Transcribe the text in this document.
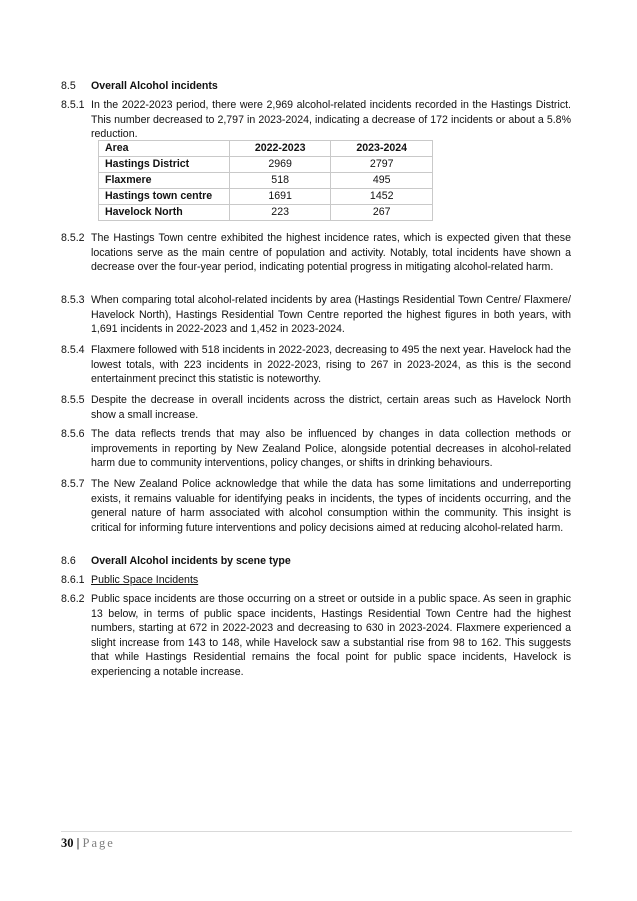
8.5	Overall Alcohol incidents
8.5.1 In the 2022-2023 period, there were 2,969 alcohol-related incidents recorded in the Hastings District. This number decreased to 2,797 in 2023-2024, indicating a decrease of 172 incidents or about a 5.8% reduction.
Area	2022-2023	2023-2024
Hastings District	2969	2797
Flaxmere	518	495
Hastings town centre	1691	1452
Havelock North	223	267
8.5.2 The Hastings Town centre exhibited the highest incidence rates, which is expected given that these locations serve as the main centre of population and activity. Notably, total incidents have shown a decrease over the four-year period, indicating potential progress in mitigating alcohol-related harm.
8.5.3 When comparing total alcohol-related incidents by area (Hastings Residential Town Centre/ Flaxmere/ Havelock North), Hastings Residential Town Centre reported the highest figures in both years, with 1,691 incidents in 2022-2023 and 1,452 in 2023-2024.
8.5.4 Flaxmere followed with 518 incidents in 2022-2023, decreasing to 495 the next year. Havelock had the lowest totals, with 223 incidents in 2022-2023, rising to 267 in 2023-2024, as this is the second entertainment precinct this statistic is noteworthy.
8.5.5 Despite the decrease in overall incidents across the district, certain areas such as Havelock North show a small increase.
8.5.6 The data reflects trends that may also be influenced by changes in data collection methods or improvements in reporting by New Zealand Police, alongside potential decreases in alcohol-related harm due to community interventions, policy changes, or shifts in drinking behaviours.
8.5.7 The New Zealand Police acknowledge that while the data has some limitations and underreporting exists, it remains valuable for identifying peaks in incidents, the types of incidents occurring, and the general nature of harm associated with alcohol consumption within the community. This insight is critical for informing future interventions and policy decisions aimed at reducing alcohol-related harm.
8.6	Overall Alcohol incidents by scene type
8.6.1 Public Space Incidents
8.6.2 Public space incidents are those occurring on a street or outside in a public space. As seen in graphic 13 below, in terms of public space incidents, Hastings Residential Town Centre had the highest numbers, starting at 672 in 2022-2023 and decreasing to 630 in 2023-2024. Flaxmere experienced a slight increase from 143 to 148, while Havelock saw a substantial rise from 98 to 162. This suggests that while Hastings Residential remains the focal point for public space incidents, Havelock is experiencing a notable increase.
30 | Page
